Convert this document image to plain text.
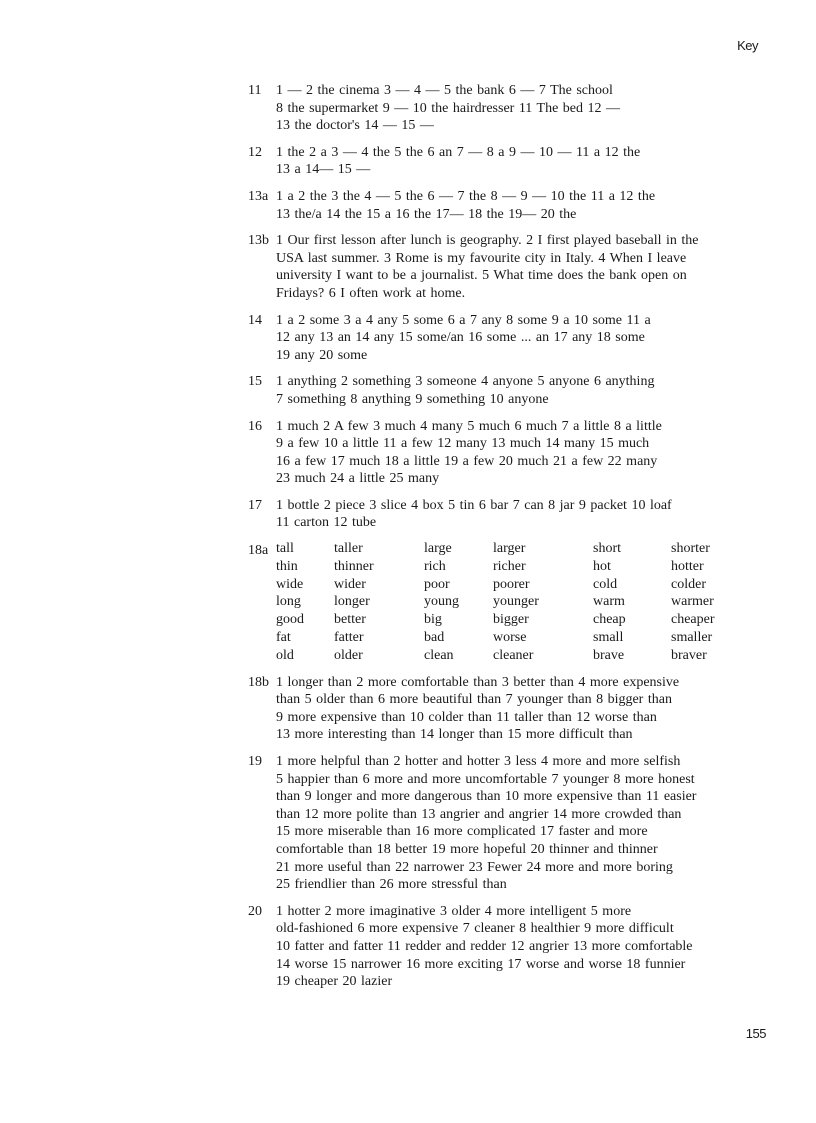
Key
11 1 — 2 the cinema 3 — 4 — 5 the bank 6 — 7 The school
8 the supermarket 9 — 10 the hairdresser 11 The bed 12 —
13 the doctor's 14 — 15 —
12 1 the 2 a 3 — 4 the 5 the 6 an 7 — 8 a 9 — 10 — 11 a 12 the
13 a 14— 15 —
13a 1 a 2 the 3 the 4 — 5 the 6 — 7 the 8 — 9 — 10 the 11 a 12 the
13 the/a 14 the 15 a 16 the 17— 18 the 19— 20 the
13b 1 Our first lesson after lunch is geography. 2 I first played baseball in the
USA last summer. 3 Rome is my favourite city in Italy. 4 When I leave
university I want to be a journalist. 5 What time does the bank open on
Fridays? 6 I often work at home.
14 1 a 2 some 3 a 4 any 5 some 6 a 7 any 8 some 9 a 10 some 11 a
12 any 13 an 14 any 15 some/an 16 some ... an 17 any 18 some
19 any 20 some
15 1 anything 2 something 3 someone 4 anyone 5 anyone 6 anything
7 something 8 anything 9 something 10 anyone
16 1 much 2 A few 3 much 4 many 5 much 6 much 7 a little 8 a little
9 a few 10 a little 11 a few 12 many 13 much 14 many 15 much
16 a few 17 much 18 a little 19 a few 20 much 21 a few 22 many
23 much 24 a little 25 many
17 1 bottle 2 piece 3 slice 4 box 5 tin 6 bar 7 can 8 jar 9 packet 10 loaf
11 carton 12 tube
18a tall	taller	large	larger	short	shorter
thin	thinner	rich	richer	hot	hotter
wide	wider	poor	poorer	cold	colder
long	longer	young	younger	warm	warmer
good	better	big	bigger	cheap	cheaper
fat	fatter	bad	worse	small	smaller
old	older	clean	cleaner	brave	braver
18b 1 longer than 2 more comfortable than 3 better than 4 more expensive
than 5 older than 6 more beautiful than 7 younger than 8 bigger than
9 more expensive than 10 colder than 11 taller than 12 worse than
13 more interesting than 14 longer than 15 more difficult than
19 1 more helpful than 2 hotter and hotter 3 less 4 more and more selfish
5 happier than 6 more and more uncomfortable 7 younger 8 more honest
than 9 longer and more dangerous than 10 more expensive than 11 easier
than 12 more polite than 13 angrier and angrier 14 more crowded than
15 more miserable than 16 more complicated 17 faster and more
comfortable than 18 better 19 more hopeful 20 thinner and thinner
21 more useful than 22 narrower 23 Fewer 24 more and more boring
25 friendlier than 26 more stressful than
20 1 hotter 2 more imaginative 3 older 4 more intelligent 5 more
old-fashioned 6 more expensive 7 cleaner 8 healthier 9 more difficult
10 fatter and fatter 11 redder and redder 12 angrier 13 more comfortable
14 worse 15 narrower 16 more exciting 17 worse and worse 18 funnier
19 cheaper 20 lazier
155
